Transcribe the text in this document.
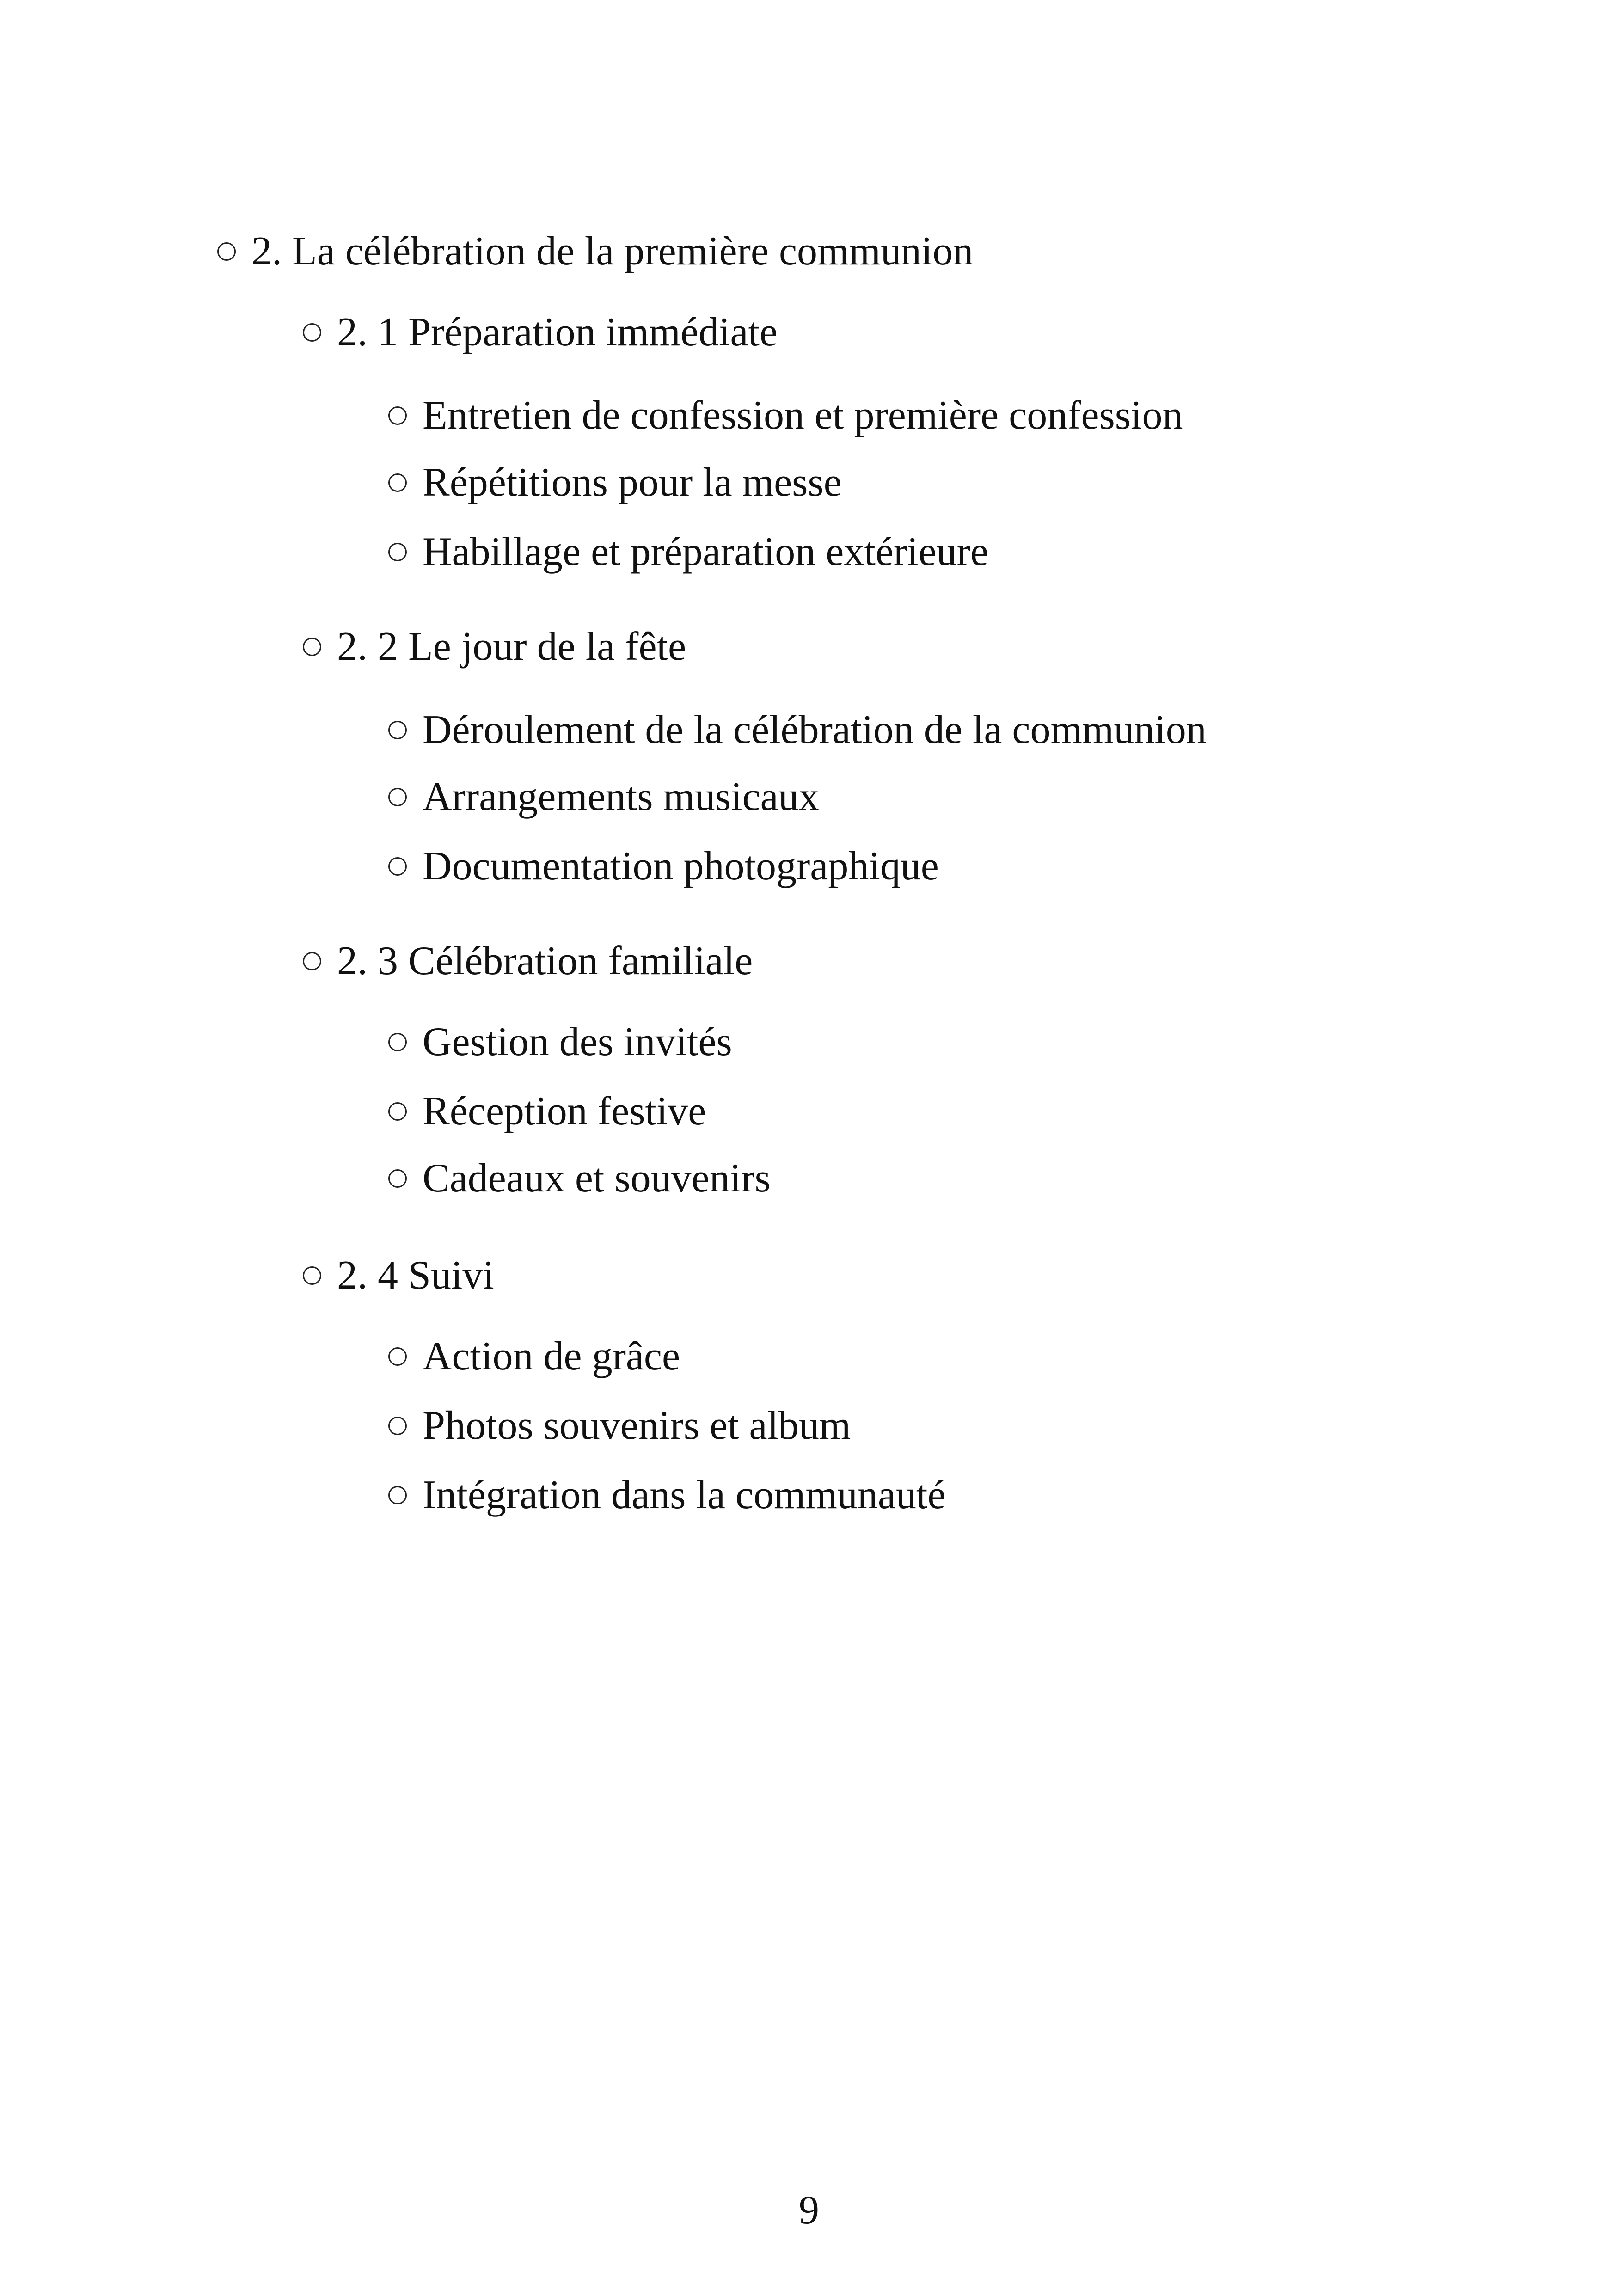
2. La célébration de la première communion
2. 1 Préparation immédiate
Entretien de confession et première confession
Répétitions pour la messe
Habillage et préparation extérieure
2. 2 Le jour de la fête
Déroulement de la célébration de la communion
Arrangements musicaux
Documentation photographique
2. 3 Célébration familiale
Gestion des invités
Réception festive
Cadeaux et souvenirs
2. 4 Suivi
Action de grâce
Photos souvenirs et album
Intégration dans la communauté
9
